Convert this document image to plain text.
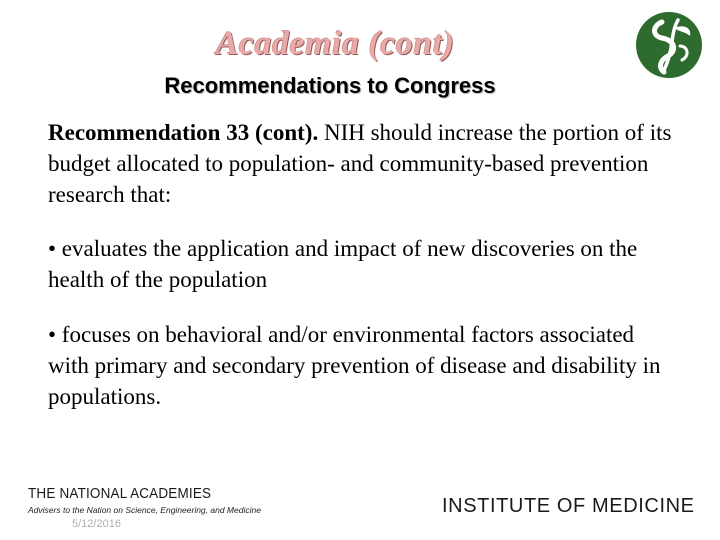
Academia (cont)
Recommendations to Congress
Recommendation 33 (cont). NIH should increase the portion of its budget allocated to population- and community-based prevention research that:
• evaluates the application and impact of new discoveries on the health of the population
• focuses on behavioral and/or environmental factors associated with primary and secondary prevention of disease and disability in populations.
THE NATIONAL ACADEMIES
Advisers to the Nation on Science, Engineering, and Medicine
5/12/2016
INSTITUTE OF MEDICINE
